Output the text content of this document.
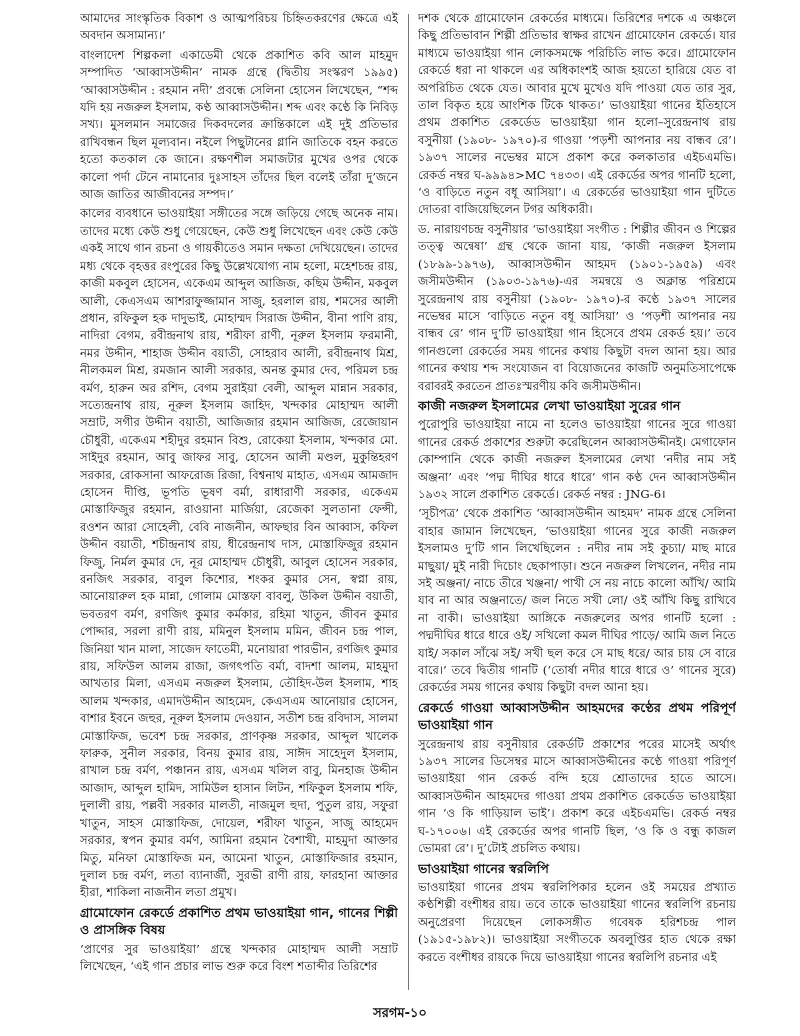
আমাদের সাংস্কৃতিক বিকাশ ও আত্মপরিচয় চিহ্নিতকরণের ক্ষেত্রে এই অবদান অসামান্য।’

বাংলাদেশ শিল্পকলা একাডেমী থেকে প্রকাশিত কবি আল মাহমুদ সম্পাদিত ‘আব্বাসউদ্দীন’ নামক গ্রন্থে (দ্বিতীয় সংস্করণ ১৯৯৫) ‘আব্বাসউদ্দীন : রহমান নদী’ প্রবন্ধে সেলিনা হোসেন লিখেছেন, “শব্দ যদি হয় নজরুল ইসলাম, কণ্ঠ আব্বাসউদ্দীন। শব্দ এবং কণ্ঠে কি নিবিড় সখ্য। মুসলমান সমাজের দিকবদলের ক্রান্তিকালে এই দুই প্রতিভার রাখিবন্ধন ছিল মূল্যবান। নইলে পিছুটানের গ্লানি জাতিকে বহন করতে হতো কতকাল কে জানে। রক্ষণশীল সমাজটার মুখের ওপর থেকে কালো পর্দা টেনে নামানোর দুঃসাহস তাঁদের ছিল বলেই তাঁরা দু’জনে আজ জাতির আজীবনের সম্পদ।’

কালের ব্যবধানে ভাওয়াইয়া সঙ্গীতের সঙ্গে জড়িয়ে গেছে অনেক নাম। তাদের মধ্যে কেউ শুধু গেয়েছেন, কেউ শুধু লিখেছেন এবং কেউ কেউ একই সাথে গান রচনা ও গায়কীতেও সমান দক্ষতা দেখিয়েছেন। তাদের মধ্য থেকে বৃহত্তর রংপুরের কিছু উল্লেখযোগ্য নাম হলো, মহেশচন্দ্র রায়, কাজী মকবুল হোসেন, একেএম আব্দুল আজিজ, কছিম উদ্দীন, মকবুল আলী, কেএসএম আশরাফুজ্জামান সাজু, হরলাল রায়, শমসের আলী প্রধান, রফিকুল হক দাদুভাই, মোহাম্মদ সিরাজ উদ্দীন, বীনা পাণি রায়, নাদিরা বেগম, রবীন্দ্রনাথ রায়, শরীফা রাণী, নূরুল ইসলাম ফরমানী, নমর উদ্দীন, শাহাজ উদ্দীন বয়াতী, সোহরাব আলী, রবীন্দ্রনাথ মিশ্র, নীলকমল মিশ্র, রমজান আলী সরকার, অনন্ত কুমার দেব, পরিমল চন্দ্র বর্মণ, হারুন অর রশিদ, বেগম সুরাইয়া বেলী, আব্দুল মান্নান সরকার, সত্যেন্দ্রনাথ রায়, নূরুল ইসলাম জাহিদ, খন্দকার মোহাম্মদ আলী সম্রাট, সগীর উদ্দীন বয়াতী, আজিজার রহমান আজিজ, রেজোয়ান চৌধুরী, একেএম শহীদুর রহমান বিশু, রোকেয়া ইসলাম, খন্দকার মো. সাইদুর রহমান, আবু জাফর সাবু, হোসেন আলী মণ্ডল, মুকুন্তিহরণ সরকার, রোকসানা আফরোজ রিজা, বিশ্বনাথ মাহাত, এসএম আমজাদ হোসেন দীপ্তি, ভূপতি ভূষণ বর্মা, রাধারাণী সরকার, একেএম মোস্তাফিজুর রহমান, রাওয়ানা মার্জিয়া, রেজেকা সুলতানা ফেন্সী, রওশন আরা সোহেলী, বেবি নাজনীন, আফছার বিন আব্বাস, কফিল উদ্দীন বয়াতী, শচীন্দ্রনাথ রায়, ধীরেন্দ্রনাথ দাস, মোস্তাফিজুর রহমান ফিজু, নির্মল কুমার দে, নূর মোহাম্মদ চৌধুরী, আবুল হোসেন সরকার, রনজিৎ সরকার, বাবুল কিশোর, শংকর কুমার সেন, স্বপ্না রায়, আনোয়ারুল হক মান্না, গোলাম মোস্তফা বাবলু, উকিল উদ্দীন বয়াতী, ভবতরণ বর্মণ, রণজিৎ কুমার কর্মকার, রহিমা খাতুন, জীবন কুমার পোদ্দার, সরলা রাণী রায়, মমিনুল ইসলাম মমিন, জীবন চন্দ্র পাল, জিনিয়া খান মালা, সাজেদ ফাতেমী, মনোয়ারা পারভীন, রণজিৎ কুমার রায়, সফিউল আলম রাজা, জগৎপতি বর্মা, বাদশা আলম, মাহমুদা আখতার মিলা, এসএম নজরুল ইসলাম, তৌহিদ-উল ইসলাম, শাহ আলম খন্দকার, এমাদউদ্দীন আহমেদ, কেএসএম আনোয়ার হোসেন, বাশার ইবনে জহুর, নূরুল ইসলাম দেওয়ান, সতীশ চন্দ্র রবিদাস, সালমা মোস্তাফিজ, ভবেশ চন্দ্র সরকার, প্রাণকৃষ্ণ সরকার, আব্দুল খালেক ফারুক, সুনীল সরকার, বিনয় কুমার রায়, সাঈদ সাহেদুল ইসলাম, রাখাল চন্দ্র বর্মণ, পঞ্চানন রায়, এসএম খলিল বাবু, মিনহাজ উদ্দীন আজাদ, আব্দুল হামিদ, সামিউল হাসান লিটন, শফিকুল ইসলাম শফি, দুলালী রায়, পল্লবী সরকার মালতী, নাজমুল হুদা, পুতুল রায়, সফুরা খাতুন, সাহস মোস্তাফিজ, দোয়েল, শরীফা খাতুন, সাজু আহমেদ সরকার, স্বপন কুমার বর্মণ, আমিনা রহমান বৈশাখী, মাহমুদা আক্তার মিতু, মনিফা মোস্তাফিজ মন, আমেনা খাতুন, মোস্তাফিজার রহমান, দুলাল চন্দ্র বর্মণ, লতা ব্যানার্জী, সুরভী রাণী রায়, ফারহানা আক্তার হীরা, শাকিলা নাজনীন লতা প্রমুখ।

গ্রামোফোন রেকর্ডে প্রকাশিত প্রথম ভাওয়াইয়া গান, গানের শিল্পী ও প্রাসঙ্গিক বিষয়

‘প্রাণের সুর ভাওয়াইয়া’ গ্রন্থে খন্দকার মোহাম্মদ আলী সম্রাট লিখেছেন, ‘এই গান প্রচার লাভ শুরু করে বিংশ শতাব্দীর তিরিশের

দশক থেকে গ্রামোফোন রেকর্ডের মাধ্যমে। তিরিশের দশকে এ অঞ্চলে কিছু প্রতিভাবান শিল্পী প্রতিভার স্বাক্ষর রাখেন গ্রামোফোন রেকর্ডে। যার মাধ্যমে ভাওয়াইয়া গান লোকসমক্ষে পরিচিতি লাভ করে। গ্রামোফোন রেকর্ডে ধরা না থাকলে এর অধিকাংশই আজ হয়তো হারিয়ে যেত বা অপরিচিত থেকে যেত। আবার মুখে মুখেও যদি পাওয়া যেত তার সুর, তাল বিকৃত হয়ে আংশিক টিকে থাকত।’ ভাওয়াইয়া গানের ইতিহাসে প্রথম প্রকাশিত রেকর্ডেড ভাওয়াইয়া গান হলো–সুরেন্দ্রনাথ রায় বসুনীয়া (১৯০৮- ১৯৭০)-র গাওয়া ‘পড়শী আপনার নয় বান্ধব রে’। ১৯৩৭ সালের নভেম্বর মাসে প্রকাশ করে কলকাতার এইচএমভি। রেকর্ড নম্বর ঘ-৯৯৯৪>MC ৭৪৩৩। এই রেকর্ডের অপর গানটি হলো, ‘ও বাড়িতে নতুন বধূ আসিয়া’। এ রেকর্ডের ভাওয়াইয়া গান দুটিতে দোতরা বাজিয়েছিলেন টগর অধিকারী।

ড. নারায়ণচন্দ্র বসুনীয়ার ‘ভাওয়াইয়া সংগীত : শিল্পীর জীবন ও শিল্পের তত্ত্ব অন্বেষা’ গ্রন্থ থেকে জানা যায়, ‘কাজী নজরুল ইসলাম (১৮৯৯-১৯৭৬), আব্বাসউদ্দীন আহমদ (১৯০১-১৯৫৯) এবং জসীমউদ্দীন (১৯০৩-১৯৭৬)-এর সমন্বয়ে ও অক্লান্ত পরিশ্রমে সুরেন্দ্রনাথ রায় বসুনীয়া (১৯০৮- ১৯৭০)-র কণ্ঠে ১৯৩৭ সালের নভেম্বর মাসে ‘বাড়িতে নতুন বধূ আসিয়া’ ও ‘পড়শী আপনার নয় বান্ধব রে’ গান দু’টি ভাওয়াইয়া গান হিসেবে প্রথম রেকর্ড হয়।’ তবে গানগুলো রেকর্ডের সময় গানের কথায় কিছুটা বদল আনা হয়। আর গানের কথায় শব্দ সংযোজন বা বিয়োজনের কাজটি অনুমতিসাপেক্ষে বরাবরই করতেন প্রাতঃস্মরণীয় কবি জসীমউদ্দীন।

কাজী নজরুল ইসলামের লেখা ভাওয়াইয়া সুরের গান

পুরোপুরি ভাওয়াইয়া নামে না হলেও ভাওয়াইয়া গানের সুরে গাওয়া গানের রেকর্ড প্রকাশের শুরুটা করেছিলেন আব্বাসউদ্দীনই। মেগাফোন কোম্পানি থেকে কাজী নজরুল ইসলামের লেখা ‘নদীর নাম সই অঞ্জনা’ এবং ‘পদ্ম দীঘির ধারে ধারে’ গান কণ্ঠ দেন আব্বাসউদ্দীন ১৯৩২ সালে প্রকাশিত রেকর্ডে। রেকর্ড নম্বর : JNG-6।

‘সূচীপত্র’ থেকে প্রকাশিত ‘আব্বাসউদ্দীন আহমদ’ নামক গ্রন্থে সেলিনা বাহার জামান লিখেছেন, ‘ভাওয়াইয়া গানের সুরে কাজী নজরুল ইসলামও দু’টি গান লিখেছিলেন : নদীর নাম সই কুচ্যা/ মাছ মারে মাছুয়া/ মুই নারী দিচোং ছেকাপাড়া। শুনে নজরুল লিখলেন, নদীর নাম সই অঞ্জনা/ নাচে তীরে খঞ্জনা/ পাখী সে নয় নাচে কালো আঁখি/ আমি যাব না আর অঞ্জনাতে/ জল নিতে সখী লো/ ওই আঁখি কিছু রাখিবে না বাকী। ভাওয়াইয়া আঙ্গিকে নজরুলের অপর গানটি হলো : পদ্মদীঘির ধারে ধারে ওই/ সখিলো কমল দীঘির পাড়ে/ আমি জল নিতে যাই/ সকাল সাঁঝে সই/ সখী ছল করে সে মাছ ধরে/ আর চায় সে বারে বারে।’ তবে দ্বিতীয় গানটি (‘তোর্ষা নদীর ধারে ধারে ও’ গানের সুরে) রেকর্ডের সময় গানের কথায় কিছুটা বদল আনা হয়।

রেকর্ডে গাওয়া আব্বাসউদ্দীন আহমদের কণ্ঠের প্রথম পরিপূর্ণ ভাওয়াইয়া গান

সুরেন্দ্রনাথ রায় বসুনীয়ার রেকর্ডটি প্রকাশের পরের মাসেই অর্থাৎ ১৯৩৭ সালের ডিসেম্বর মাসে আব্বাসউদ্দীনের কণ্ঠে গাওয়া পরিপূর্ণ ভাওয়াইয়া গান রেকর্ড বন্দি হয়ে শ্রোতাদের হাতে আসে। আব্বাসউদ্দীন আহমদের গাওয়া প্রথম প্রকাশিত রেকর্ডেড ভাওয়াইয়া গান ‘ও কি গাড়িয়াল ভাই’। প্রকাশ করে এইচএমভি। রেকর্ড নম্বর ঘ-১৭০০৬। এই রেকর্ডের অপর গানটি ছিল, ‘ও কি ও বন্ধু কাজল ভোমরা রে’। দু’টোই প্রচলিত কথায়।

ভাওয়াইয়া গানের স্বরলিপি

ভাওয়াইয়া গানের প্রথম স্বরলিপিকার হলেন ওই সময়ের প্রখ্যাত কণ্ঠশিল্পী বংশীধর রায়। তবে তাকে ভাওয়াইয়া গানের স্বরলিপি রচনায় অনুপ্রেরণা দিয়েছেন লোকসঙ্গীত গবেষক হরিশচন্দ্র পাল (১৯১৫-১৯৮২)। ভাওয়াইয়া সংগীতকে অবলুপ্তির হাত থেকে রক্ষা করতে বংশীধর রায়কে দিয়ে ভাওয়াইয়া গানের স্বরলিপি রচনার এই

সরগম-১০
